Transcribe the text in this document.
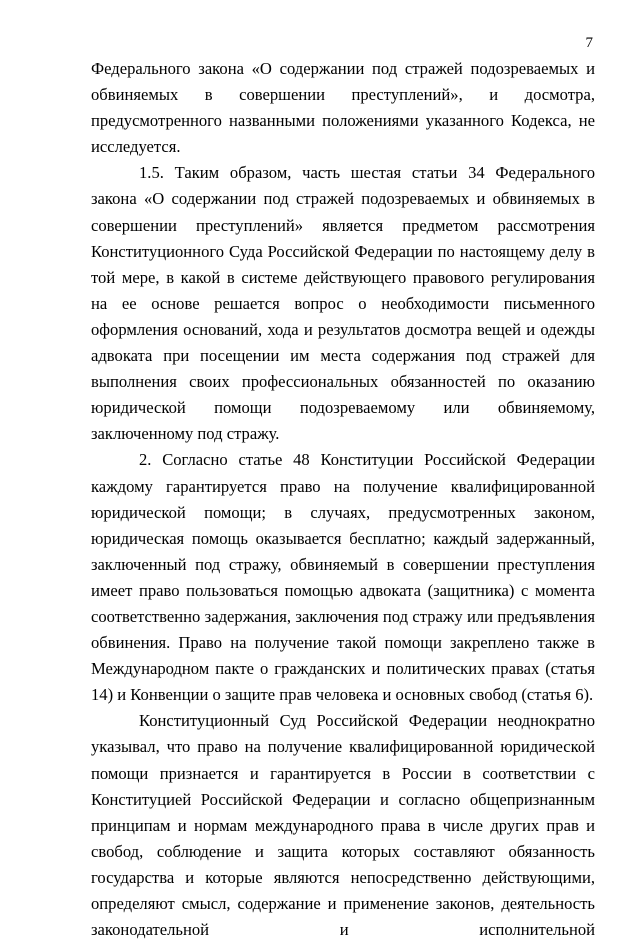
7

Федерального закона «О содержании под стражей подозреваемых и обвиняемых в совершении преступлений», и досмотра, предусмотренного названными положениями указанного Кодекса, не исследуется.

1.5. Таким образом, часть шестая статьи 34 Федерального закона «О содержании под стражей подозреваемых и обвиняемых в совершении преступлений» является предметом рассмотрения Конституционного Суда Российской Федерации по настоящему делу в той мере, в какой в системе действующего правового регулирования на ее основе решается вопрос о необходимости письменного оформления оснований, хода и результатов досмотра вещей и одежды адвоката при посещении им места содержания под стражей для выполнения своих профессиональных обязанностей по оказанию юридической помощи подозреваемому или обвиняемому, заключенному под стражу.

2. Согласно статье 48 Конституции Российской Федерации каждому гарантируется право на получение квалифицированной юридической помощи; в случаях, предусмотренных законом, юридическая помощь оказывается бесплатно; каждый задержанный, заключенный под стражу, обвиняемый в совершении преступления имеет право пользоваться помощью адвоката (защитника) с момента соответственно задержания, заключения под стражу или предъявления обвинения. Право на получение такой помощи закреплено также в Международном пакте о гражданских и политических правах (статья 14) и Конвенции о защите прав человека и основных свобод (статья 6).

Конституционный Суд Российской Федерации неоднократно указывал, что право на получение квалифицированной юридической помощи признается и гарантируется в России в соответствии с Конституцией Российской Федерации и согласно общепризнанным принципам и нормам международного права в числе других прав и свобод, соблюдение и защита которых составляют обязанность государства и которые являются непосредственно действующими, определяют смысл, содержание и применение законов, деятельность законодательной и исполнительной
